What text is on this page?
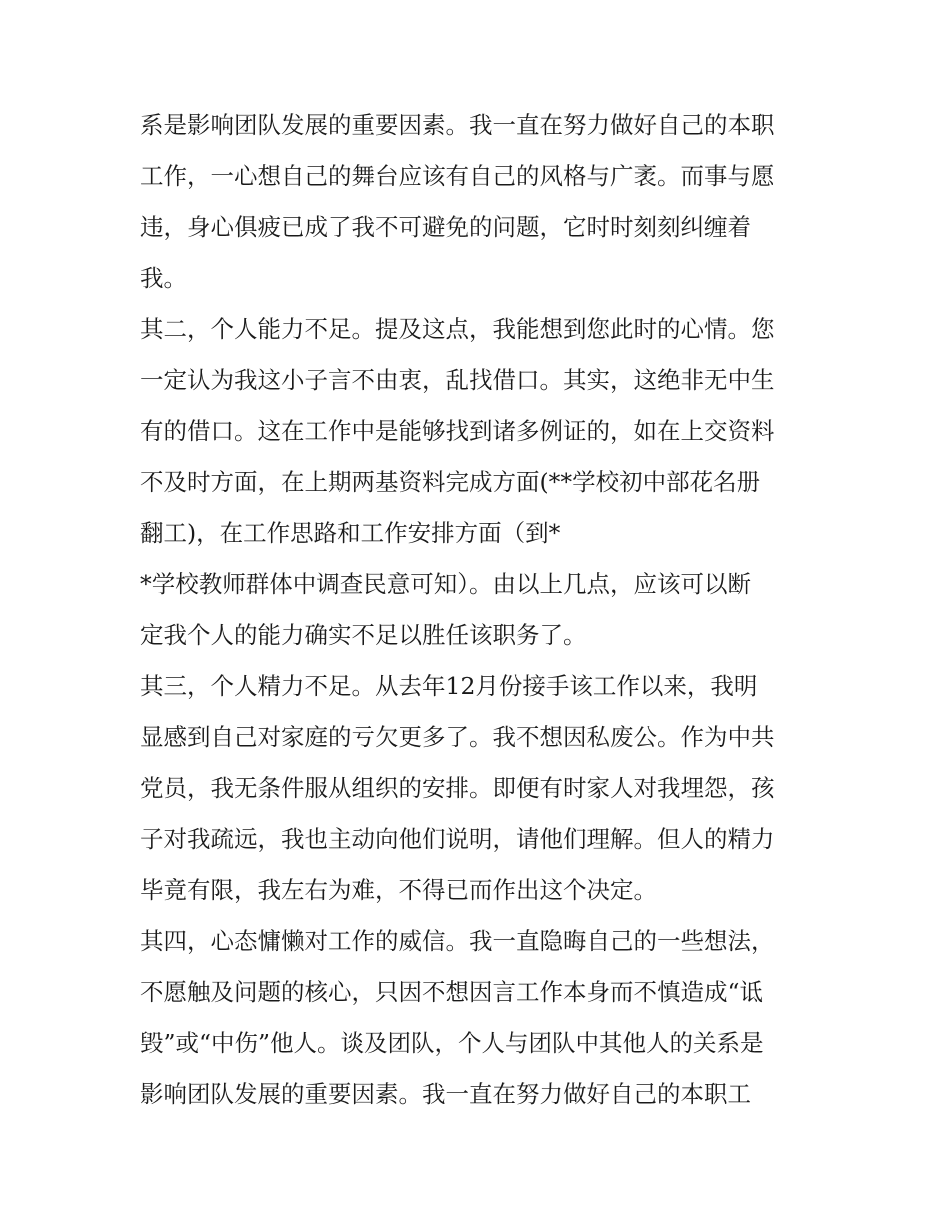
系是影响团队发展的重要因素。我一直在努力做好自己的本职
工作，一心想自己的舞台应该有自己的风格与广袤。而事与愿
违，身心俱疲已成了我不可避免的问题，它时时刻刻纠缠着
我。
其二，个人能力不足。提及这点，我能想到您此时的心情。您
一定认为我这小子言不由衷，乱找借口。其实，这绝非无中生
有的借口。这在工作中是能够找到诸多例证的，如在上交资料
不及时方面，在上期两基资料完成方面(**学校初中部花名册
翻工)，在工作思路和工作安排方面（到*
*学校教师群体中调查民意可知）。由以上几点，应该可以断
定我个人的能力确实不足以胜任该职务了。
其三，个人精力不足。从去年12月份接手该工作以来，我明
显感到自己对家庭的亏欠更多了。我不想因私废公。作为中共
党员，我无条件服从组织的安排。即便有时家人对我埋怨，孩
子对我疏远，我也主动向他们说明，请他们理解。但人的精力
毕竟有限，我左右为难，不得已而作出这个决定。
其四，心态慵懒对工作的威信。我一直隐晦自己的一些想法，
不愿触及问题的核心，只因不想因言工作本身而不慎造成“诋
毁”或“中伤”他人。谈及团队，个人与团队中其他人的关系是
影响团队发展的重要因素。我一直在努力做好自己的本职工
